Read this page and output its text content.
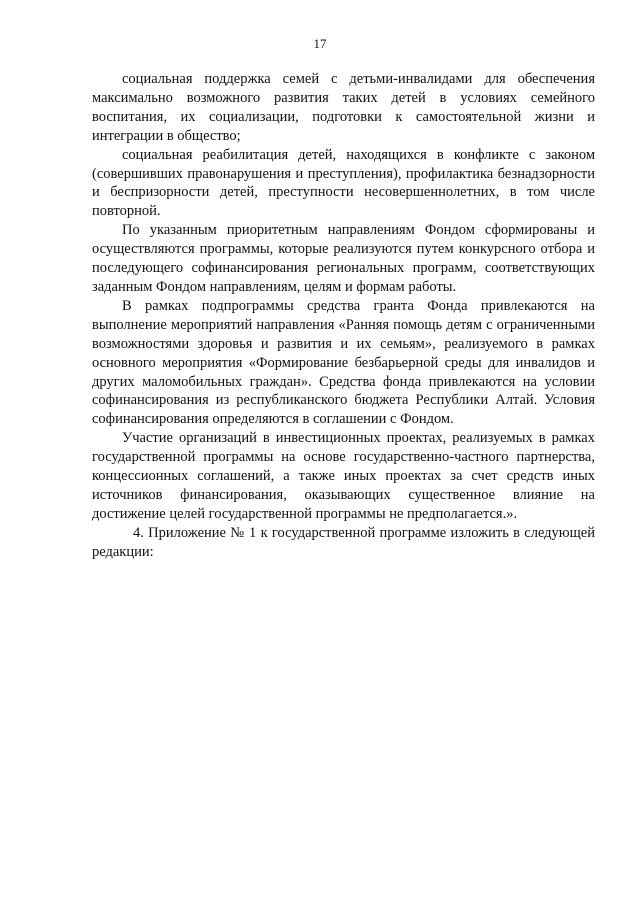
17

социальная поддержка семей с детьми-инвалидами для обеспечения максимально возможного развития таких детей в условиях семейного воспитания, их социализации, подготовки к самостоятельной жизни и интеграции в общество;

социальная реабилитация детей, находящихся в конфликте с законом (совершивших правонарушения и преступления), профилактика безнадзорности и беспризорности детей, преступности несовершеннолетних, в том числе повторной.

По указанным приоритетным направлениям Фондом сформированы и осуществляются программы, которые реализуются путем конкурсного отбора и последующего софинансирования региональных программ, соответствующих заданным Фондом направлениям, целям и формам работы.

В рамках подпрограммы средства гранта Фонда привлекаются на выполнение мероприятий направления «Ранняя помощь детям с ограниченными возможностями здоровья и развития и их семьям», реализуемого в рамках основного мероприятия «Формирование безбарьерной среды для инвалидов и других маломобильных граждан». Средства фонда привлекаются на условии софинансирования из республиканского бюджета Республики Алтай. Условия софинансирования определяются в соглашении с Фондом.

Участие организаций в инвестиционных проектах, реализуемых в рамках государственной программы на основе государственно-частного партнерства, концессионных соглашений, а также иных проектах за счет средств иных источников финансирования, оказывающих существенное влияние на достижение целей государственной программы не предполагается.».

4. Приложение № 1 к государственной программе изложить в следующей редакции:
